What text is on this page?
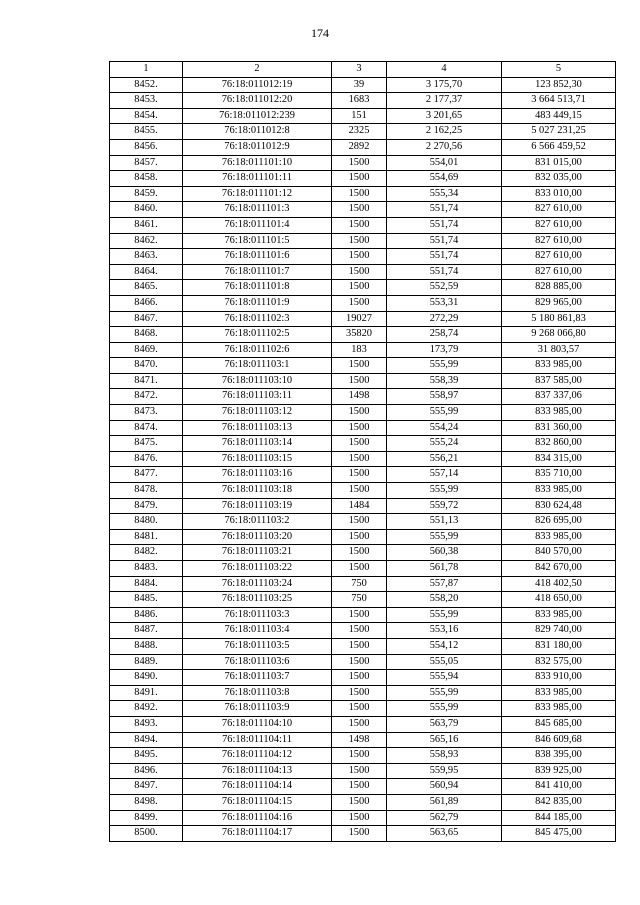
174
1	2	3	4	5
8452.	76:18:011012:19	39	3 175,70	123 852,30
8453.	76:18:011012:20	1683	2 177,37	3 664 513,71
8454.	76:18:011012:239	151	3 201,65	483 449,15
8455.	76:18:011012:8	2325	2 162,25	5 027 231,25
8456.	76:18:011012:9	2892	2 270,56	6 566 459,52
8457.	76:18:011101:10	1500	554,01	831 015,00
8458.	76:18:011101:11	1500	554,69	832 035,00
8459.	76:18:011101:12	1500	555,34	833 010,00
8460.	76:18:011101:3	1500	551,74	827 610,00
8461.	76:18:011101:4	1500	551,74	827 610,00
8462.	76:18:011101:5	1500	551,74	827 610,00
8463.	76:18:011101:6	1500	551,74	827 610,00
8464.	76:18:011101:7	1500	551,74	827 610,00
8465.	76:18:011101:8	1500	552,59	828 885,00
8466.	76:18:011101:9	1500	553,31	829 965,00
8467.	76:18:011102:3	19027	272,29	5 180 861,83
8468.	76:18:011102:5	35820	258,74	9 268 066,80
8469.	76:18:011102:6	183	173,79	31 803,57
8470.	76:18:011103:1	1500	555,99	833 985,00
8471.	76:18:011103:10	1500	558,39	837 585,00
8472.	76:18:011103:11	1498	558,97	837 337,06
8473.	76:18:011103:12	1500	555,99	833 985,00
8474.	76:18:011103:13	1500	554,24	831 360,00
8475.	76:18:011103:14	1500	555,24	832 860,00
8476.	76:18:011103:15	1500	556,21	834 315,00
8477.	76:18:011103:16	1500	557,14	835 710,00
8478.	76:18:011103:18	1500	555,99	833 985,00
8479.	76:18:011103:19	1484	559,72	830 624,48
8480.	76:18:011103:2	1500	551,13	826 695,00
8481.	76:18:011103:20	1500	555,99	833 985,00
8482.	76:18:011103:21	1500	560,38	840 570,00
8483.	76:18:011103:22	1500	561,78	842 670,00
8484.	76:18:011103:24	750	557,87	418 402,50
8485.	76:18:011103:25	750	558,20	418 650,00
8486.	76:18:011103:3	1500	555,99	833 985,00
8487.	76:18:011103:4	1500	553,16	829 740,00
8488.	76:18:011103:5	1500	554,12	831 180,00
8489.	76:18:011103:6	1500	555,05	832 575,00
8490.	76:18:011103:7	1500	555,94	833 910,00
8491.	76:18:011103:8	1500	555,99	833 985,00
8492.	76:18:011103:9	1500	555,99	833 985,00
8493.	76:18:011104:10	1500	563,79	845 685,00
8494.	76:18:011104:11	1498	565,16	846 609,68
8495.	76:18:011104:12	1500	558,93	838 395,00
8496.	76:18:011104:13	1500	559,95	839 925,00
8497.	76:18:011104:14	1500	560,94	841 410,00
8498.	76:18:011104:15	1500	561,89	842 835,00
8499.	76:18:011104:16	1500	562,79	844 185,00
8500.	76:18:011104:17	1500	563,65	845 475,00
